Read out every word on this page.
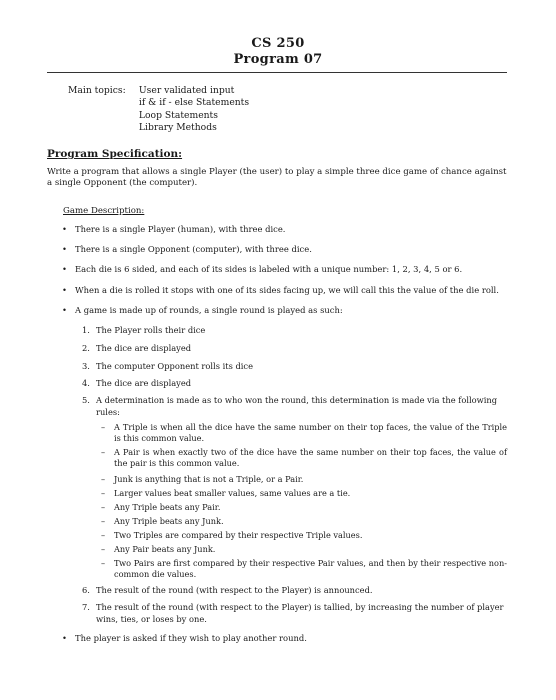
CS 250
Program 07
Main topics: User validated input
if & if - else Statements
Loop Statements
Library Methods
Program Specification:
Write a program that allows a single Player (the user) to play a simple three dice game of chance against a single Opponent (the computer).
Game Description:
• There is a single Player (human), with three dice.
• There is a single Opponent (computer), with three dice.
• Each die is 6 sided, and each of its sides is labeled with a unique number: 1, 2, 3, 4, 5 or 6.
• When a die is rolled it stops with one of its sides facing up, we will call this the value of the die roll.
• A game is made up of rounds, a single round is played as such:
1. The Player rolls their dice
2. The dice are displayed
3. The computer Opponent rolls its dice
4. The dice are displayed
5. A determination is made as to who won the round, this determination is made via the following rules:
– A Triple is when all the dice have the same number on their top faces, the value of the Triple is this common value.
– A Pair is when exactly two of the dice have the same number on their top faces, the value of the pair is this common value.
– Junk is anything that is not a Triple, or a Pair.
– Larger values beat smaller values, same values are a tie.
– Any Triple beats any Pair.
– Any Triple beats any Junk.
– Two Triples are compared by their respective Triple values.
– Any Pair beats any Junk.
– Two Pairs are first compared by their respective Pair values, and then by their respective non-common die values.
6. The result of the round (with respect to the Player) is announced.
7. The result of the round (with respect to the Player) is tallied, by increasing the number of player wins, ties, or loses by one.
• The player is asked if they wish to play another round.
